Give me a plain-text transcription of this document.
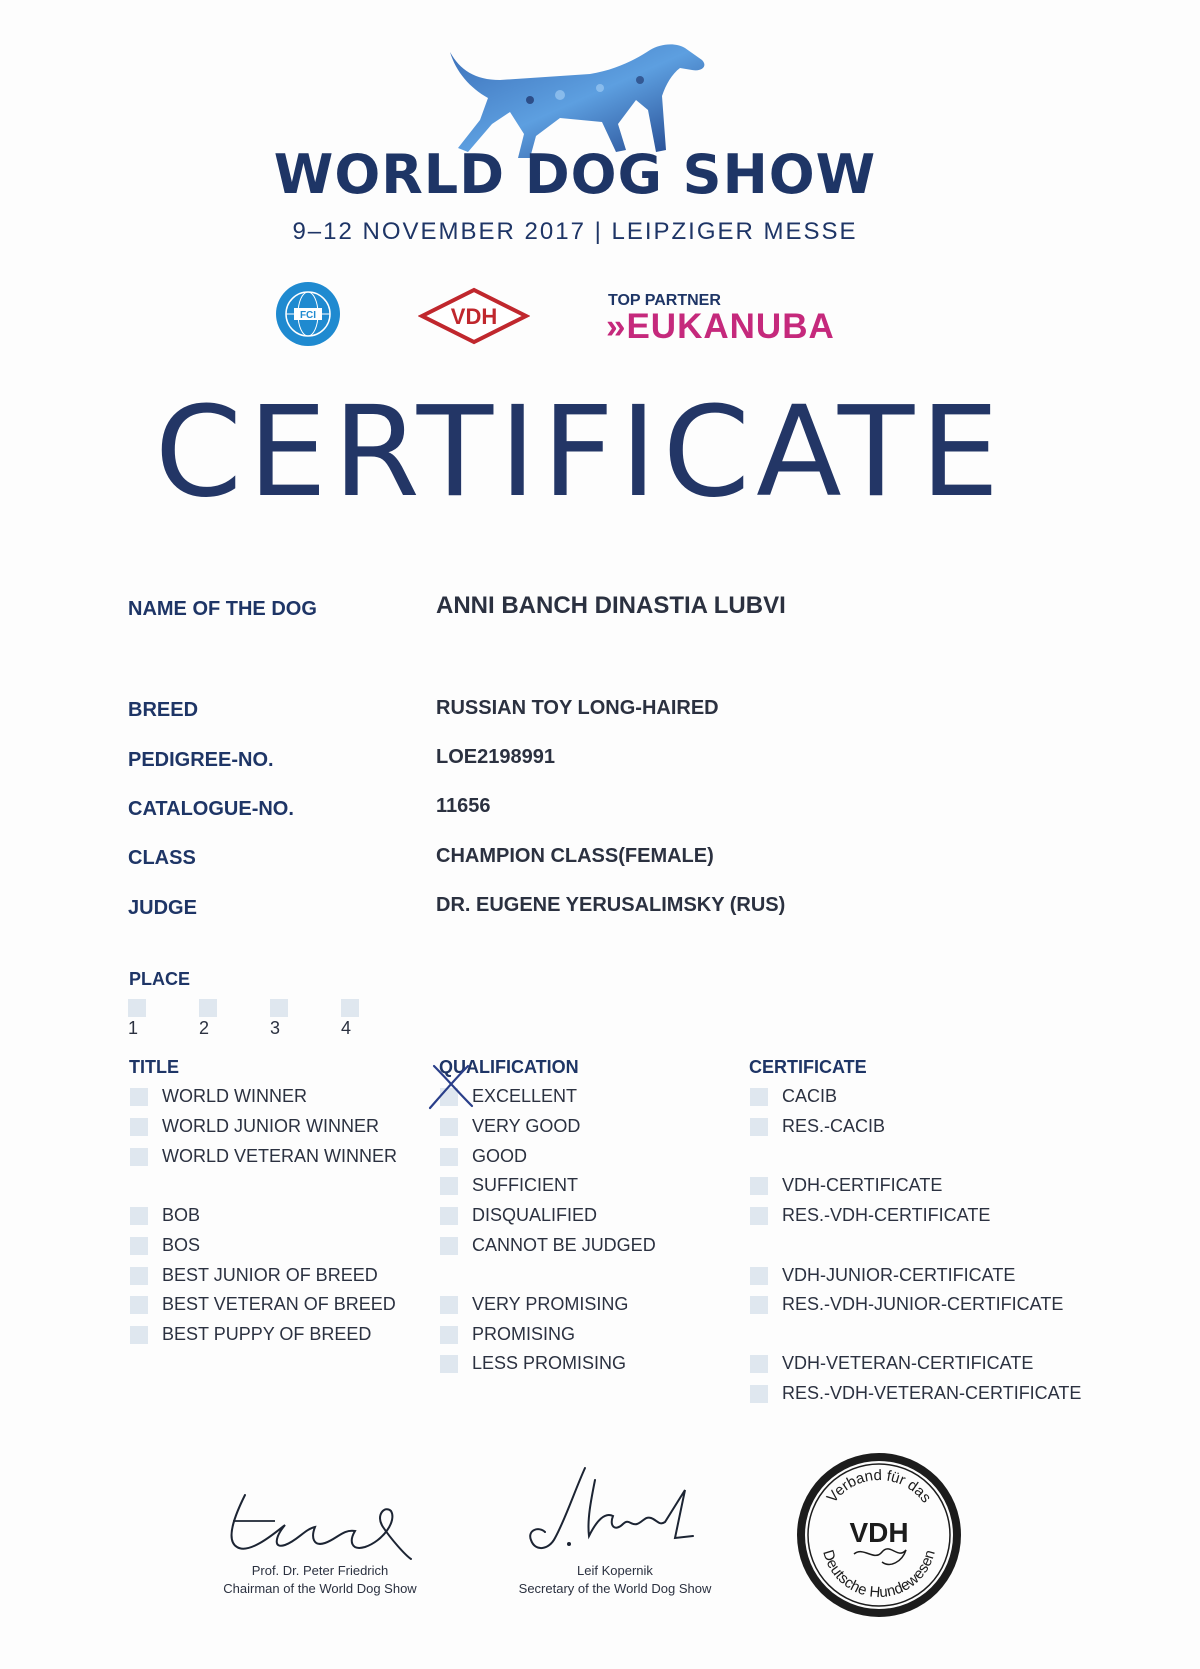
WORLD DOG SHOW
9–12 NOVEMBER 2017 | LEIPZIGER MESSE
FCI	VDH
TOP PARTNER
»EUKANUBA
CERTIFICATE
NAME OF THE DOG	ANNI BANCH DINASTIA LUBVI
BREED	RUSSIAN TOY LONG-HAIRED
PEDIGREE-NO.	LOE2198991
CATALOGUE-NO.	11656
CLASS	CHAMPION CLASS(FEMALE)
JUDGE	DR. EUGENE YERUSALIMSKY (RUS)
PLACE
1	2	3	4
TITLE
WORLD WINNER
WORLD JUNIOR WINNER
WORLD VETERAN WINNER
BOB
BOS
BEST JUNIOR OF BREED
BEST VETERAN OF BREED
BEST PUPPY OF BREED
QUALIFICATION
EXCELLENT
VERY GOOD
GOOD
SUFFICIENT
DISQUALIFIED
CANNOT BE JUDGED
VERY PROMISING
PROMISING
LESS PROMISING
CERTIFICATE
CACIB
RES.-CACIB
VDH-CERTIFICATE
RES.-VDH-CERTIFICATE
VDH-JUNIOR-CERTIFICATE
RES.-VDH-JUNIOR-CERTIFICATE
VDH-VETERAN-CERTIFICATE
RES.-VDH-VETERAN-CERTIFICATE
Prof. Dr. Peter Friedrich
Chairman of the World Dog Show
Leif Kopernik
Secretary of the World Dog Show
Verband für das
Deutsche Hundewesen
VDH
